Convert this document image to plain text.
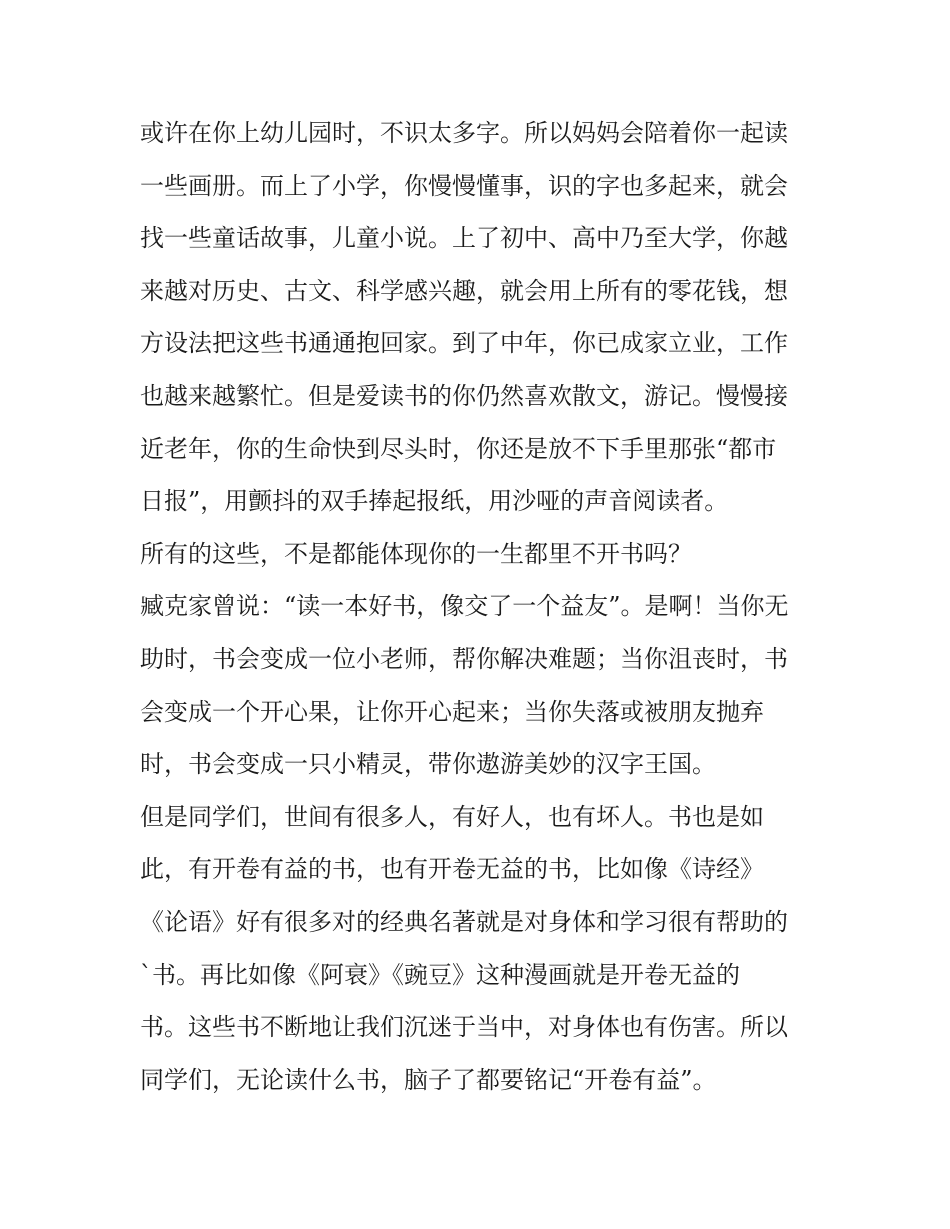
或许在你上幼儿园时，不识太多字。所以妈妈会陪着你一起读
一些画册。而上了小学，你慢慢懂事，识的字也多起来，就会
找一些童话故事，儿童小说。上了初中、高中乃至大学，你越
来越对历史、古文、科学感兴趣，就会用上所有的零花钱，想
方设法把这些书通通抱回家。到了中年，你已成家立业，工作
也越来越繁忙。但是爱读书的你仍然喜欢散文，游记。慢慢接
近老年，你的生命快到尽头时，你还是放不下手里那张“都市
日报”，用颤抖的双手捧起报纸，用沙哑的声音阅读者。
所有的这些，不是都能体现你的一生都里不开书吗？
臧克家曾说：“读一本好书，像交了一个益友”。是啊！当你无
助时，书会变成一位小老师，帮你解决难题；当你沮丧时，书
会变成一个开心果，让你开心起来；当你失落或被朋友抛弃
时，书会变成一只小精灵，带你遨游美妙的汉字王国。
但是同学们，世间有很多人，有好人，也有坏人。书也是如
此，有开卷有益的书，也有开卷无益的书，比如像《诗经》
《论语》好有很多对的经典名著就是对身体和学习很有帮助的
`书。再比如像《阿衰》《豌豆》这种漫画就是开卷无益的
书。这些书不断地让我们沉迷于当中，对身体也有伤害。所以
同学们，无论读什么书，脑子了都要铭记“开卷有益”。
